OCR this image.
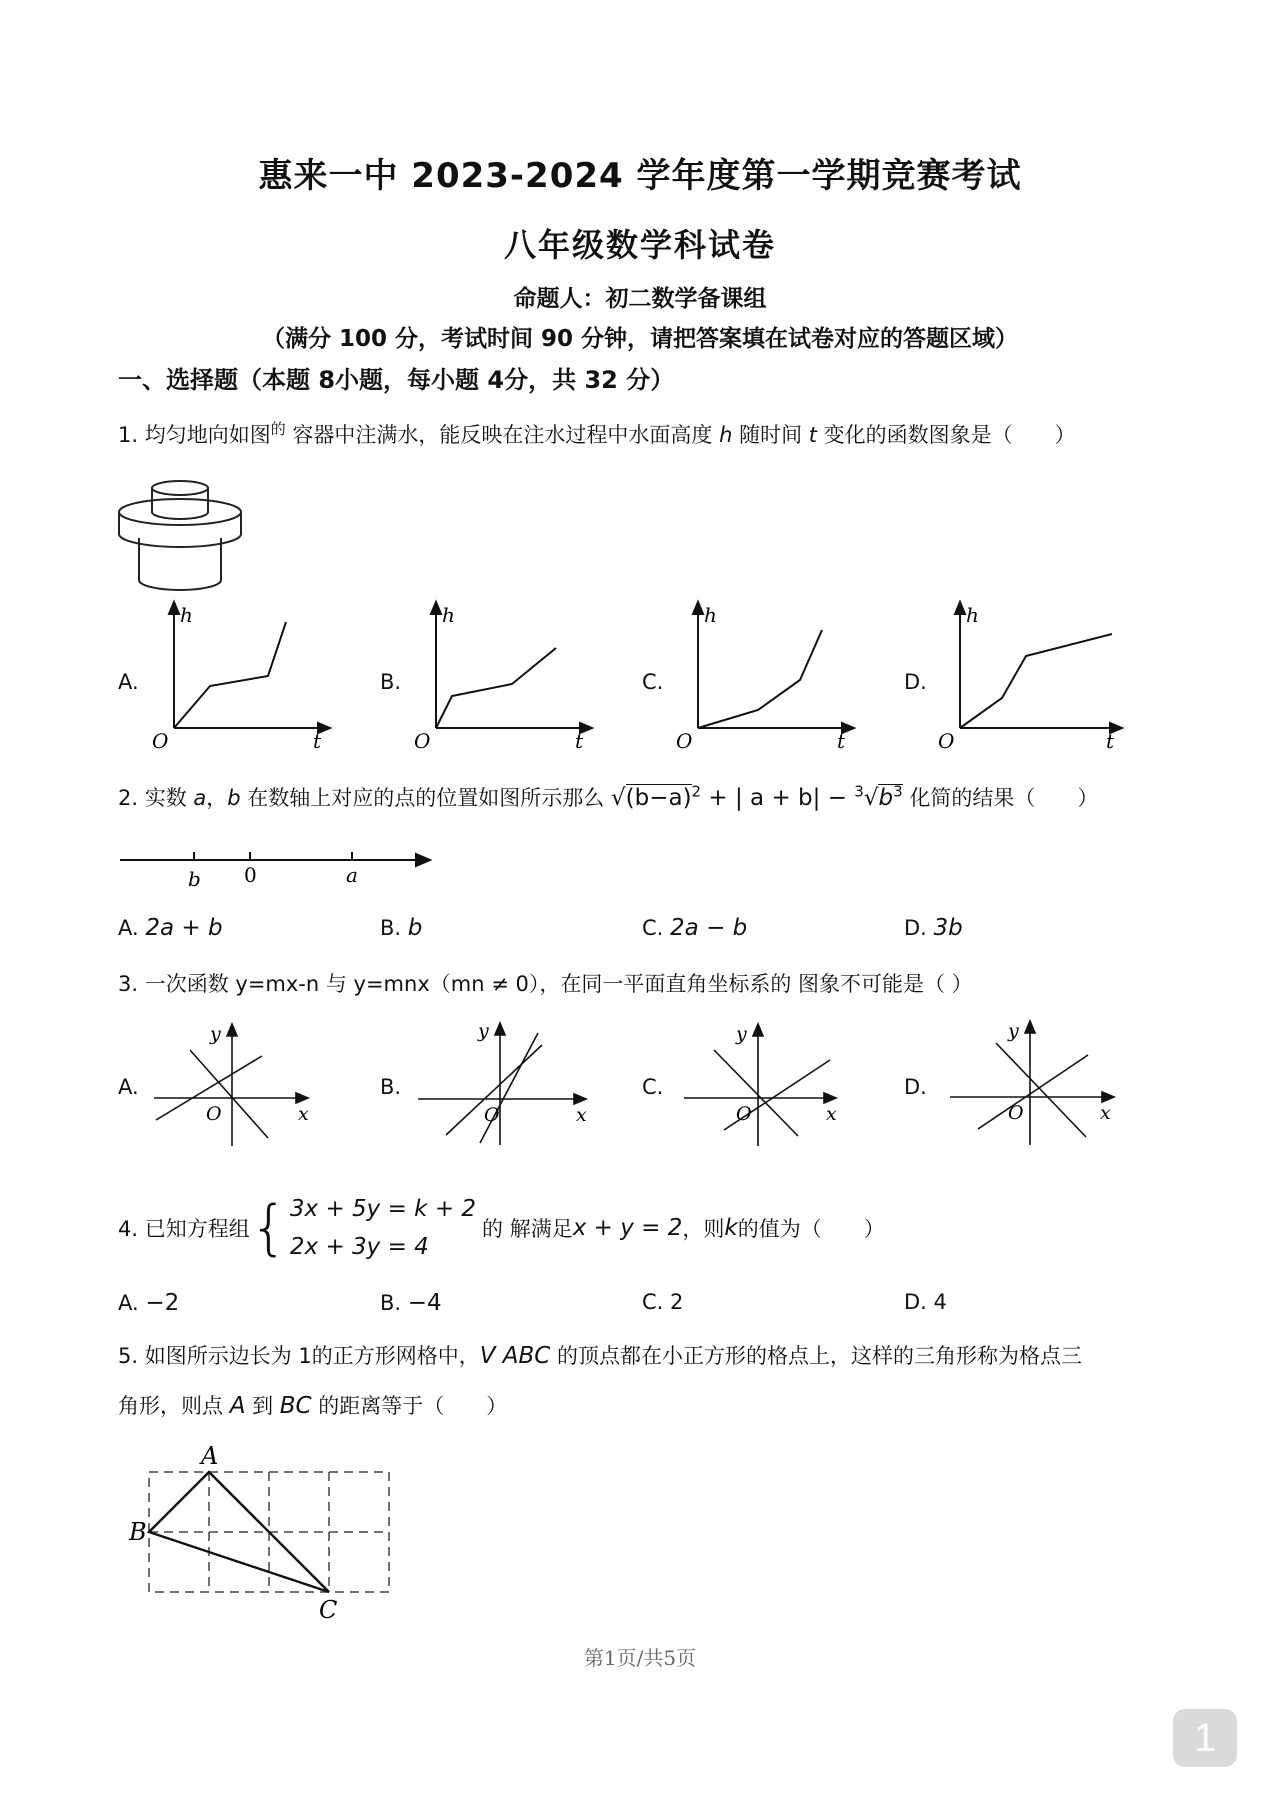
惠来一中 2023-2024 学年度第一学期竞赛考试
八年级数学科试卷
命题人：初二数学备课组
（满分 100 分，考试时间 90 分钟，请把答案填在试卷对应的答题区域）
一、选择题（本题 8小题，每小题 4分，共 32 分）
1. 均匀地向如图$^的$ 容器中注满水，能反映在注水过程中水面高度 h 随时间 t 变化的函数图象是（　　）
A.	B.	C.	D.
h
t
O
h
t
O
h
t
O
h
t
O
2. 实数 a，b 在数轴上对应的点的位置如图所示那么 $√(b-a)^2$ + | $a + b| - ^3√b^3$ 化简的结果（　　）
b 0	a
A. 2a + b	B. b	C. 2a − b	D. 3b
3. 一次函数 y=mx-n 与 y=mnx（mn ≠ 0），在同一平面直角坐标系的 图象不可能是（ ）
A.	B.	C.	D.
y
x
O
y
x
O
y
x
O
y
x
O
4. 已知方程组 { 3x + 5y = k + 2
2x + 3y = 4
的 解满足 x + y = 2 ，则 k 的值为（　　）
A. −2	B. −4	C. 2	D. 4
5. 如图所示边长为 1的正方形网格中，V ABC 的顶点都在小正方形的格点上，这样的三角形称为格点三
角形，则点 A 到 BC 的距离等于（　　）
A
B
C
第1页/共5页
1
